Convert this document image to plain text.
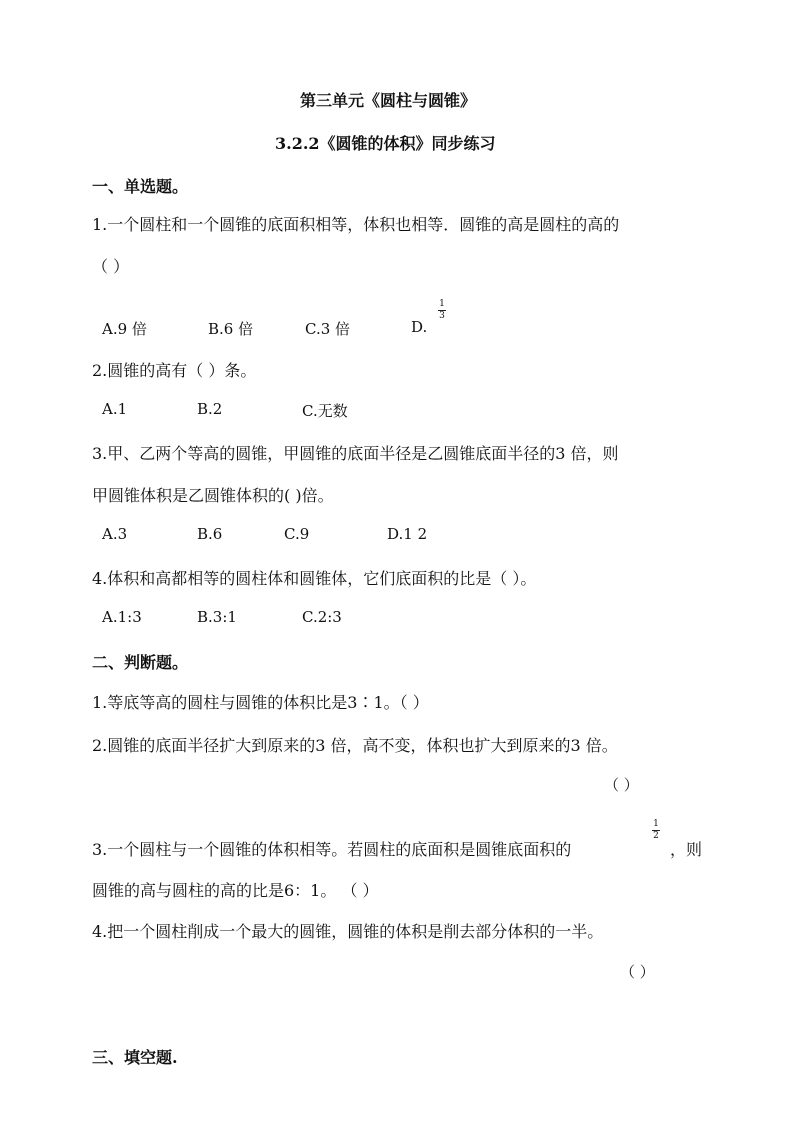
第三单元《圆柱与圆锥》
3.2.2《圆锥的体积》同步练习
一、单选题。
1.一个圆柱和一个圆锥的底面积相等，体积也相等．圆锥的高是圆柱的高的
（ ）
A.9 倍	B.6 倍	C.3 倍	D.
1
3
2.圆锥的高有（ ）条。
A.1	B.2	C.无数
3.甲、乙两个等高的圆锥，甲圆锥的底面半径是乙圆锥底面半径的3 倍，则
甲圆锥体积是乙圆锥体积的( )倍。
A.3	B.6	C.9	D.1 2
4.体积和高都相等的圆柱体和圆锥体，它们底面积的比是（ ）。
A.1:3	B.3:1	C.2:3
二、判断题。
1.等底等高的圆柱与圆锥的体积比是3∶1。（ ）
2.圆锥的底面半径扩大到原来的3 倍，高不变，体积也扩大到原来的3 倍。
（ ）
3.一个圆柱与一个圆锥的体积相等。若圆柱的底面积是圆锥底面积的
1
2
，则
圆锥的高与圆柱的高的比是6：1。 （ ）
4.把一个圆柱削成一个最大的圆锥，圆锥的体积是削去部分体积的一半。
（ ）
三、填空题.
